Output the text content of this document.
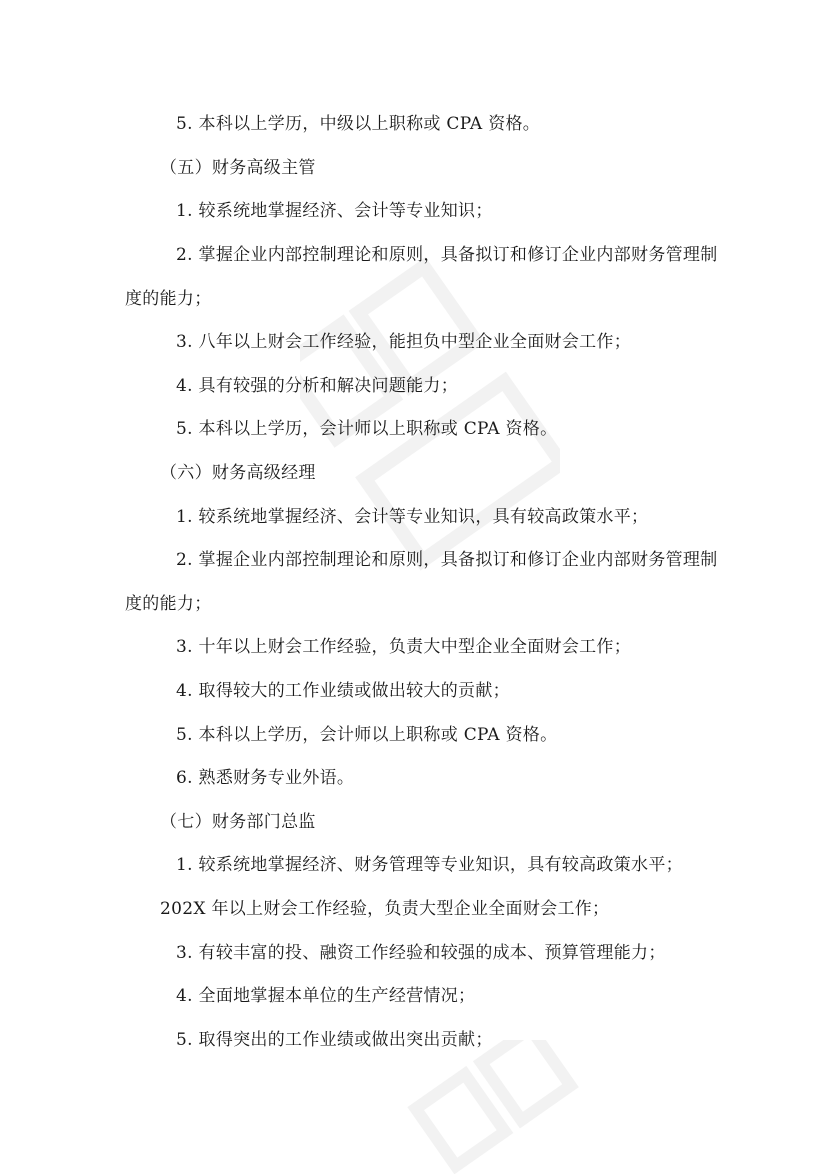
5. 本科以上学历，中级以上职称或 CPA 资格。
（五）财务高级主管
1. 较系统地掌握经济、会计等专业知识；
2. 掌握企业内部控制理论和原则，具备拟订和修订企业内部财务管理制
度的能力；
3. 八年以上财会工作经验，能担负中型企业全面财会工作；
4. 具有较强的分析和解决问题能力；
5. 本科以上学历，会计师以上职称或 CPA 资格。
（六）财务高级经理
1. 较系统地掌握经济、会计等专业知识，具有较高政策水平；
2. 掌握企业内部控制理论和原则，具备拟订和修订企业内部财务管理制
度的能力；
3. 十年以上财会工作经验，负责大中型企业全面财会工作；
4. 取得较大的工作业绩或做出较大的贡献；
5. 本科以上学历，会计师以上职称或 CPA 资格。
6. 熟悉财务专业外语。
（七）财务部门总监
1. 较系统地掌握经济、财务管理等专业知识，具有较高政策水平；
202X 年以上财会工作经验，负责大型企业全面财会工作；
3. 有较丰富的投、融资工作经验和较强的成本、预算管理能力；
4. 全面地掌握本单位的生产经营情况；
5. 取得突出的工作业绩或做出突出贡献；
